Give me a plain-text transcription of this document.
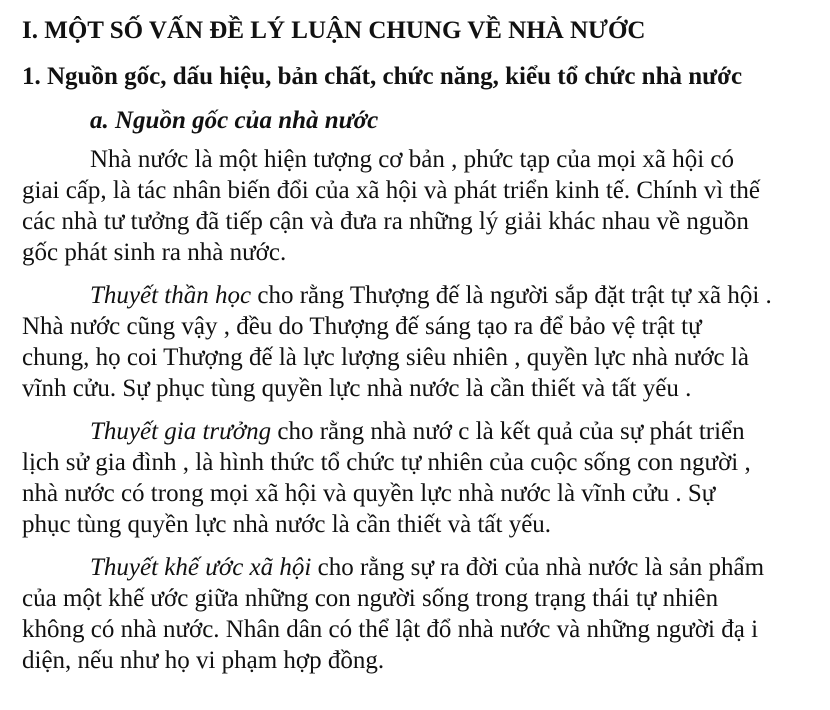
I. MỘT SỐ VẤN ĐỀ LÝ LUẬN CHUNG VỀ NHÀ NƯỚC
1. Nguồn gốc, dấu hiệu, bản chất, chức năng, kiểu tổ chức nhà nước
a. Nguồn gốc của nhà nước
Nhà nước là một hiện tượng cơ bản , phức tạp của mọi xã hội có
giai cấp, là tác nhân biến đổi của xã hội và phát triển kinh tế. Chính vì thế
các nhà tư tưởng đã tiếp cận và đưa ra những lý giải khác nhau về nguồn
gốc phát sinh ra nhà nước.
Thuyết thần học cho rằng Thượng đế là người sắp đặt trật tự xã hội .
Nhà nước cũng vậy , đều do Thượng đế sáng tạo ra để bảo vệ trật tự
chung, họ coi Thượng đế là lực lượng siêu nhiên , quyền lực nhà nước là
vĩnh cửu. Sự phục tùng quyền lực nhà nước là cần thiết và tất yếu .
Thuyết gia trưởng cho rằng nhà nướ c là kết quả của sự phát triển
lịch sử gia đình , là hình thức tổ chức tự nhiên của cuộc sống con người ,
nhà nước có trong mọi xã hội và quyền lực nhà nước là vĩnh cửu . Sự
phục tùng quyền lực nhà nước là cần thiết và tất yếu.
Thuyết khế ước xã hội cho rằng sự ra đời của nhà nước là sản phẩm
của một khế ước giữa những con người sống trong trạng thái tự nhiên
không có nhà nước. Nhân dân có thể lật đổ nhà nước và những người đạ i
diện, nếu như họ vi phạm hợp đồng.
